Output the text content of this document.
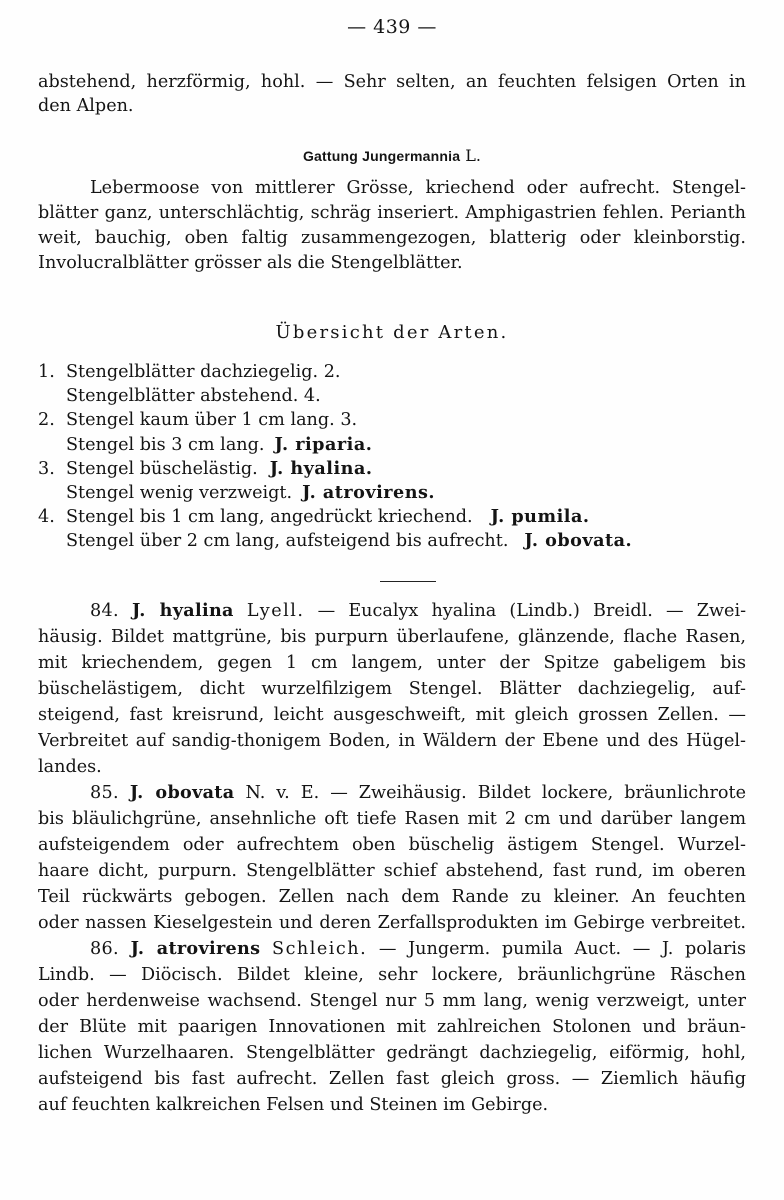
— 439 —
abstehend, herzförmig, hohl. — Sehr selten, an feuchten felsigen Orten in
den Alpen.
Gattung Jungermannia L.
Lebermoose von mittlerer Grösse, kriechend oder aufrecht. Stengel-
blätter ganz, unterschlächtig, schräg inseriert. Amphigastrien fehlen. Perianth
weit, bauchig, oben faltig zusammengezogen, blatterig oder kleinborstig.
Involucralblätter grösser als die Stengelblätter.
Übersicht der Arten.
1. Stengelblätter dachziegelig. 2.
Stengelblätter abstehend. 4.
2. Stengel kaum über 1 cm lang. 3.
Stengel bis 3 cm lang. J. riparia.
3. Stengel büschelästig. J. hyalina.
Stengel wenig verzweigt. J. atrovirens.
4. Stengel bis 1 cm lang, angedrückt kriechend. J. pumila.
Stengel über 2 cm lang, aufsteigend bis aufrecht. J. obovata.
84. J. hyalina Lyell. — Eucalyx hyalina (Lindb.) Breidl. — Zwei-
häusig. Bildet mattgrüne, bis purpurn überlaufene, glänzende, flache Rasen,
mit kriechendem, gegen 1 cm langem, unter der Spitze gabeligem bis
büschelästigem, dicht wurzelfilzigem Stengel. Blätter dachziegelig, auf-
steigend, fast kreisrund, leicht ausgeschweift, mit gleich grossen Zellen. —
Verbreitet auf sandig-thonigem Boden, in Wäldern der Ebene und des Hügel-
landes.
85. J. obovata N. v. E. — Zweihäusig. Bildet lockere, bräunlichrote
bis bläulichgrüne, ansehnliche oft tiefe Rasen mit 2 cm und darüber langem
aufsteigendem oder aufrechtem oben büschelig ästigem Stengel. Wurzel-
haare dicht, purpurn. Stengelblätter schief abstehend, fast rund, im oberen
Teil rückwärts gebogen. Zellen nach dem Rande zu kleiner. An feuchten
oder nassen Kieselgestein und deren Zerfallsprodukten im Gebirge verbreitet.
86. J. atrovirens Schleich. — Jungerm. pumila Auct. — J. polaris
Lindb. — Diöcisch. Bildet kleine, sehr lockere, bräunlichgrüne Räschen
oder herdenweise wachsend. Stengel nur 5 mm lang, wenig verzweigt, unter
der Blüte mit paarigen Innovationen mit zahlreichen Stolonen und bräun-
lichen Wurzelhaaren. Stengelblätter gedrängt dachziegelig, eiförmig, hohl,
aufsteigend bis fast aufrecht. Zellen fast gleich gross. — Ziemlich häufig
auf feuchten kalkreichen Felsen und Steinen im Gebirge.
